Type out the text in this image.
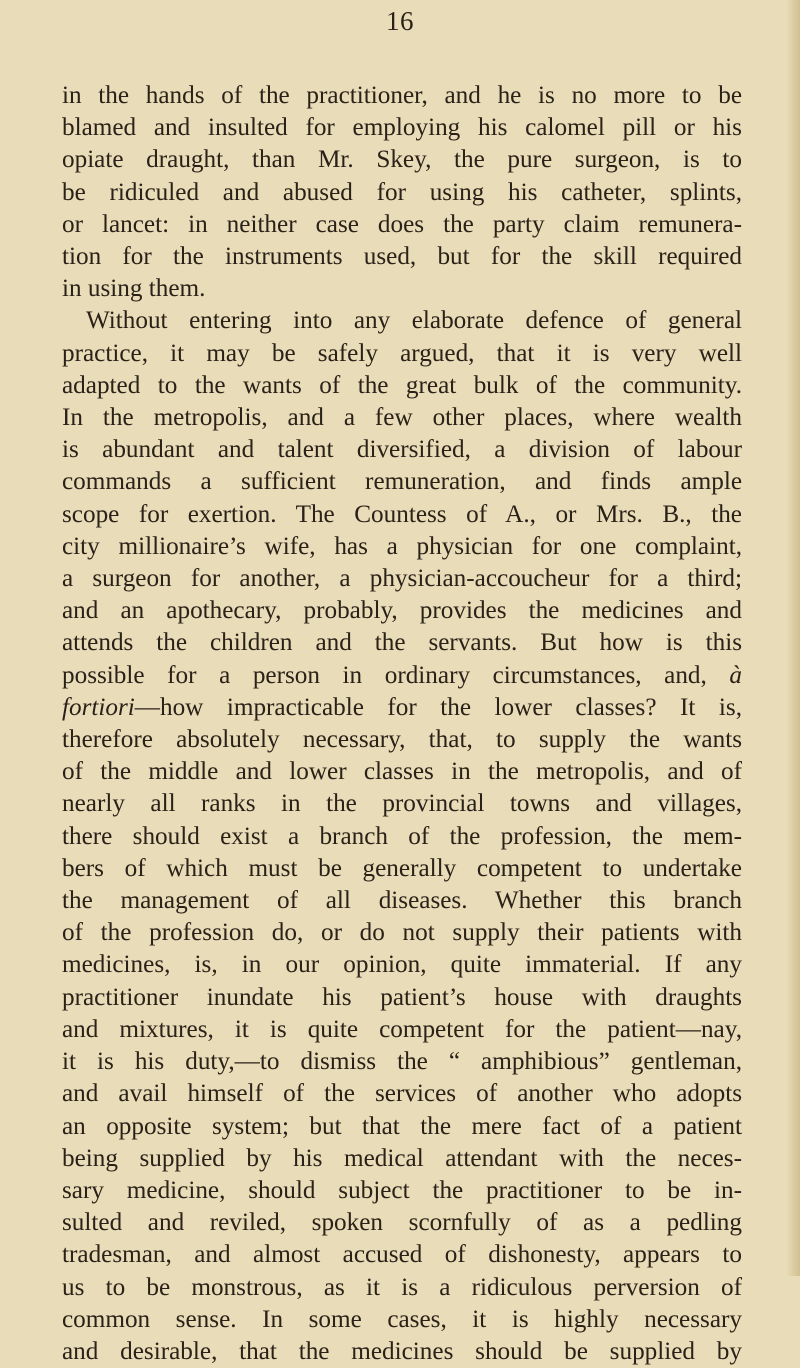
16
in the hands of the practitioner, and he is no more to be
blamed and insulted for employing his calomel pill or his
opiate draught, than Mr. Skey, the pure surgeon, is to
be ridiculed and abused for using his catheter, splints,
or lancet: in neither case does the party claim remunera-
tion for the instruments used, but for the skill required
in using them.
Without entering into any elaborate defence of general
practice, it may be safely argued, that it is very well
adapted to the wants of the great bulk of the community.
In the metropolis, and a few other places, where wealth
is abundant and talent diversified, a division of labour
commands a sufficient remuneration, and finds ample
scope for exertion. The Countess of A., or Mrs. B., the
city millionaire’s wife, has a physician for one complaint,
a surgeon for another, a physician-accoucheur for a third;
and an apothecary, probably, provides the medicines and
attends the children and the servants. But how is this
possible for a person in ordinary circumstances, and, à
fortiori—how impracticable for the lower classes? It is,
therefore absolutely necessary, that, to supply the wants
of the middle and lower classes in the metropolis, and of
nearly all ranks in the provincial towns and villages,
there should exist a branch of the profession, the mem-
bers of which must be generally competent to undertake
the management of all diseases. Whether this branch
of the profession do, or do not supply their patients with
medicines, is, in our opinion, quite immaterial. If any
practitioner inundate his patient’s house with draughts
and mixtures, it is quite competent for the patient—nay,
it is his duty,—to dismiss the “ amphibious” gentleman,
and avail himself of the services of another who adopts
an opposite system; but that the mere fact of a patient
being supplied by his medical attendant with the neces-
sary medicine, should subject the practitioner to be in-
sulted and reviled, spoken scornfully of as a pedling
tradesman, and almost accused of dishonesty, appears to
us to be monstrous, as it is a ridiculous perversion of
common sense. In some cases, it is highly necessary
and desirable, that the medicines should be supplied by
